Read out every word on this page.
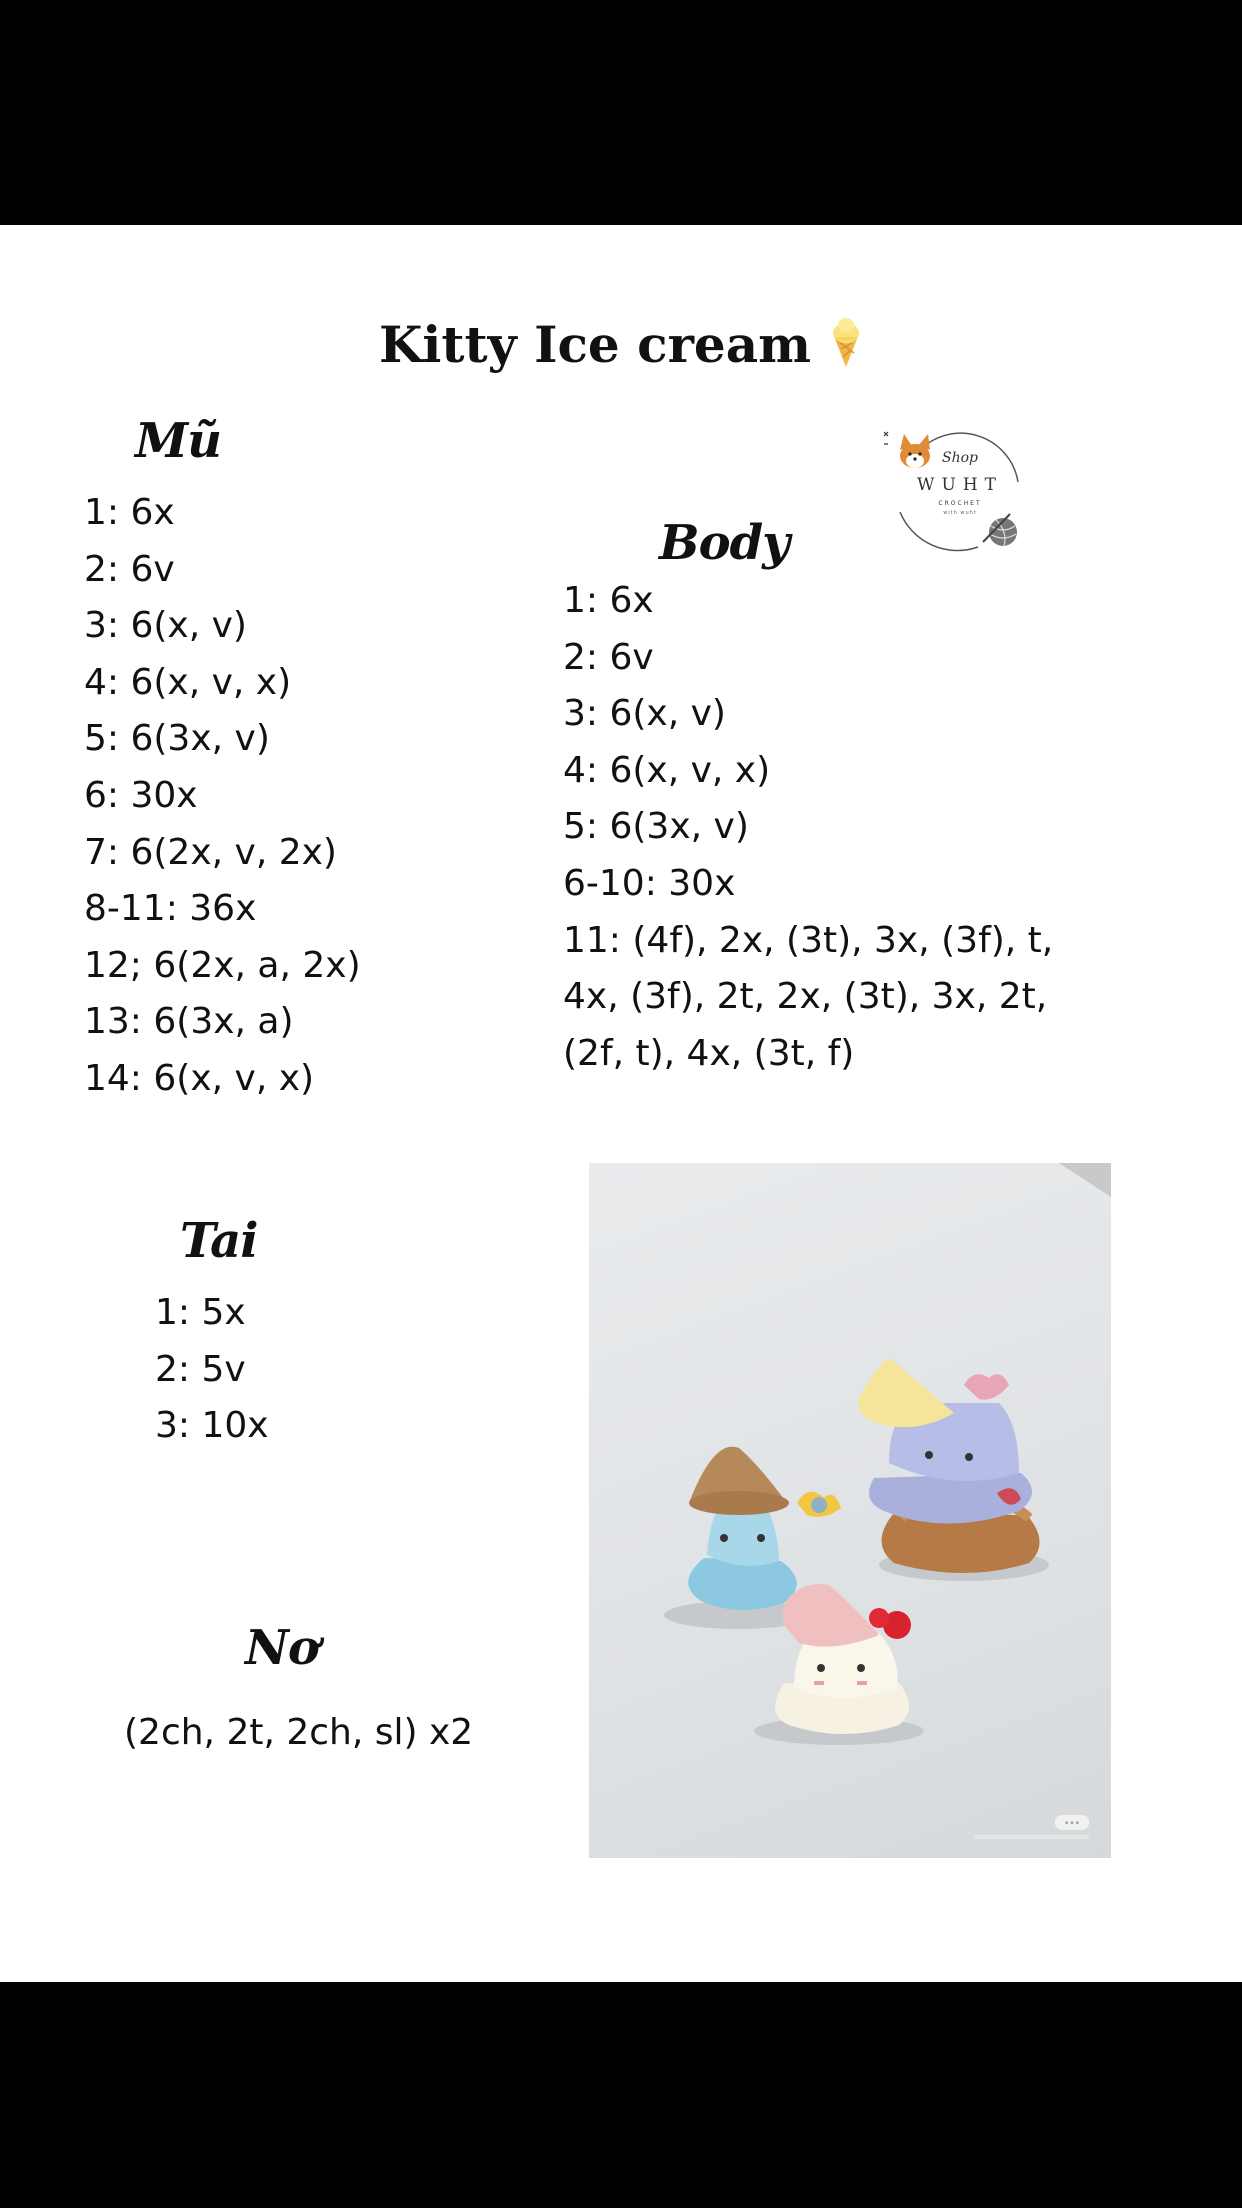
Kitty Ice cream
Mũ
1: 6x
2: 6v
3: 6(x, v)
4: 6(x, v, x)
5: 6(3x, v)
6: 30x
7: 6(2x, v, 2x)
8-11: 36x
12; 6(2x, a, 2x)
13: 6(3x, a)
14: 6(x, v, x)
Shop
WUHT
CROCHET
with wuht
Body
1: 6x
2: 6v
3: 6(x, v)
4: 6(x, v, x)
5: 6(3x, v)
6-10: 30x
11: (4f), 2x, (3t), 3x, (3f), t,
4x, (3f), 2t, 2x, (3t), 3x, 2t,
(2f, t), 4x, (3t, f)
Tai
1: 5x
2: 5v
3: 10x
Nơ
(2ch, 2t, 2ch, sl) x2
•••
